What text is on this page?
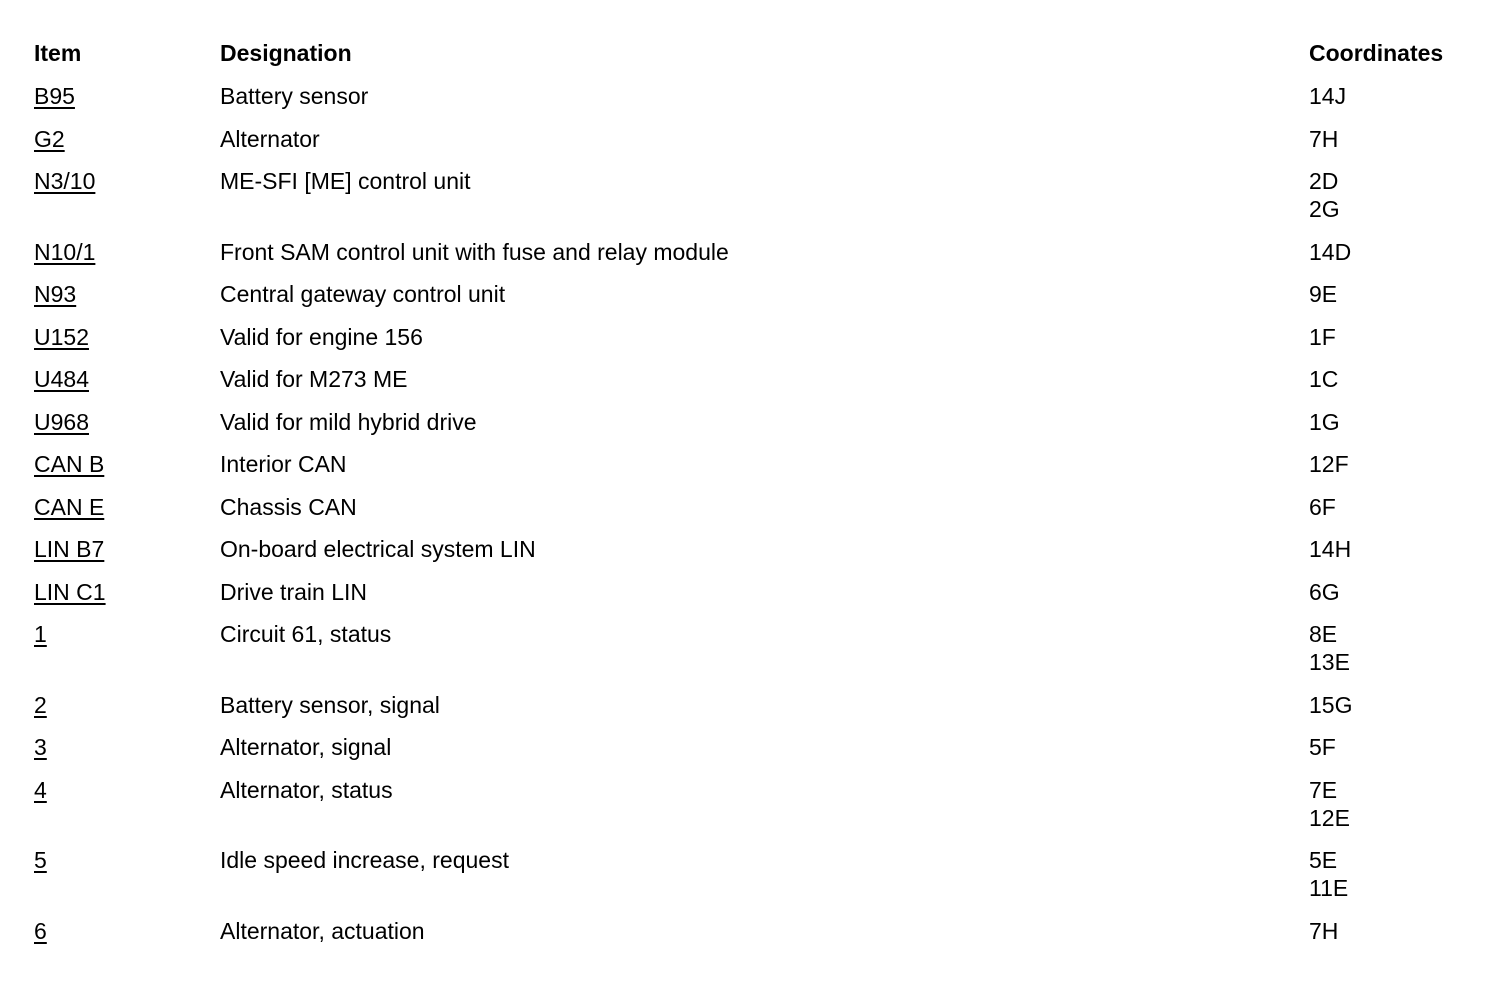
Item	Designation	Coordinates
B95	Battery sensor	14J
G2	Alternator	7H
N3/10	ME-SFI [ME] control unit	2D
2G
N10/1	Front SAM control unit with fuse and relay module	14D
N93	Central gateway control unit	9E
U152	Valid for engine 156	1F
U484	Valid for M273 ME	1C
U968	Valid for mild hybrid drive	1G
CAN B	Interior CAN	12F
CAN E	Chassis CAN	6F
LIN B7	On-board electrical system LIN	14H
LIN C1	Drive train LIN	6G
1	Circuit 61, status	8E
13E
2	Battery sensor, signal	15G
3	Alternator, signal	5F
4	Alternator, status	7E
12E
5	Idle speed increase, request	5E
11E
6	Alternator, actuation	7H
